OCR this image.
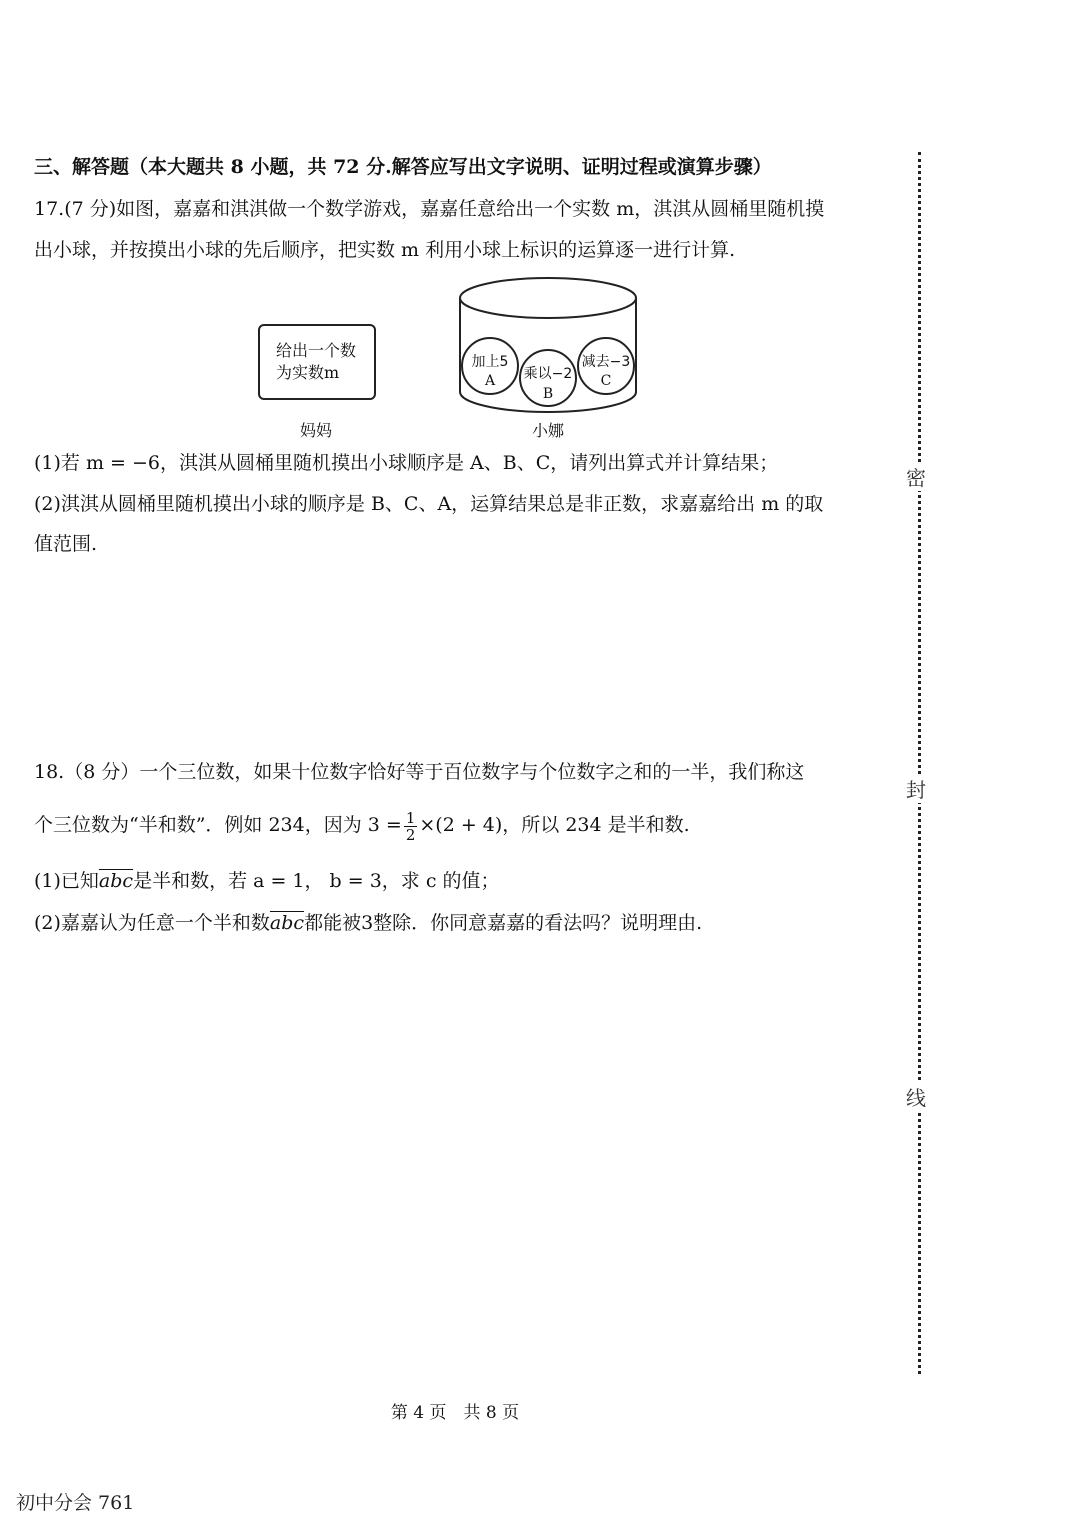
三、解答题（本大题共 8 小题，共 72 分.解答应写出文字说明、证明过程或演算步骤）
17.(7 分)如图，嘉嘉和淇淇做一个数学游戏，嘉嘉任意给出一个实数 m，淇淇从圆桶里随机摸
出小球，并按摸出小球的先后顺序，把实数 m 利用小球上标识的运算逐一进行计算.
给出一个数
为实数m
妈妈
加上5
A 乘以−2
B
减去−3
C
小娜
(1)若 m = −6，淇淇从圆桶里随机摸出小球顺序是 A、B、C，请列出算式并计算结果；
(2)淇淇从圆桶里随机摸出小球的顺序是 B、C、A，运算结果总是非正数，求嘉嘉给出 m 的取
值范围.
18.（8 分）一个三位数，如果十位数字恰好等于百位数字与个位数字之和的一半，我们称这
个三位数为“半和数”．例如 234，因为 $3 = \frac{1}{2} \times(2 + 4)$，所以 234 是半和数.
(1)已知$\overline{abc}$是半和数，若 a = 1， b = 3，求 c 的值；
(2)嘉嘉认为任意一个半和数$\overline{abc}$都能被3整除．你同意嘉嘉的看法吗？说明理由.
密
封
线
第 4 页　共 8 页
初中分会 761
